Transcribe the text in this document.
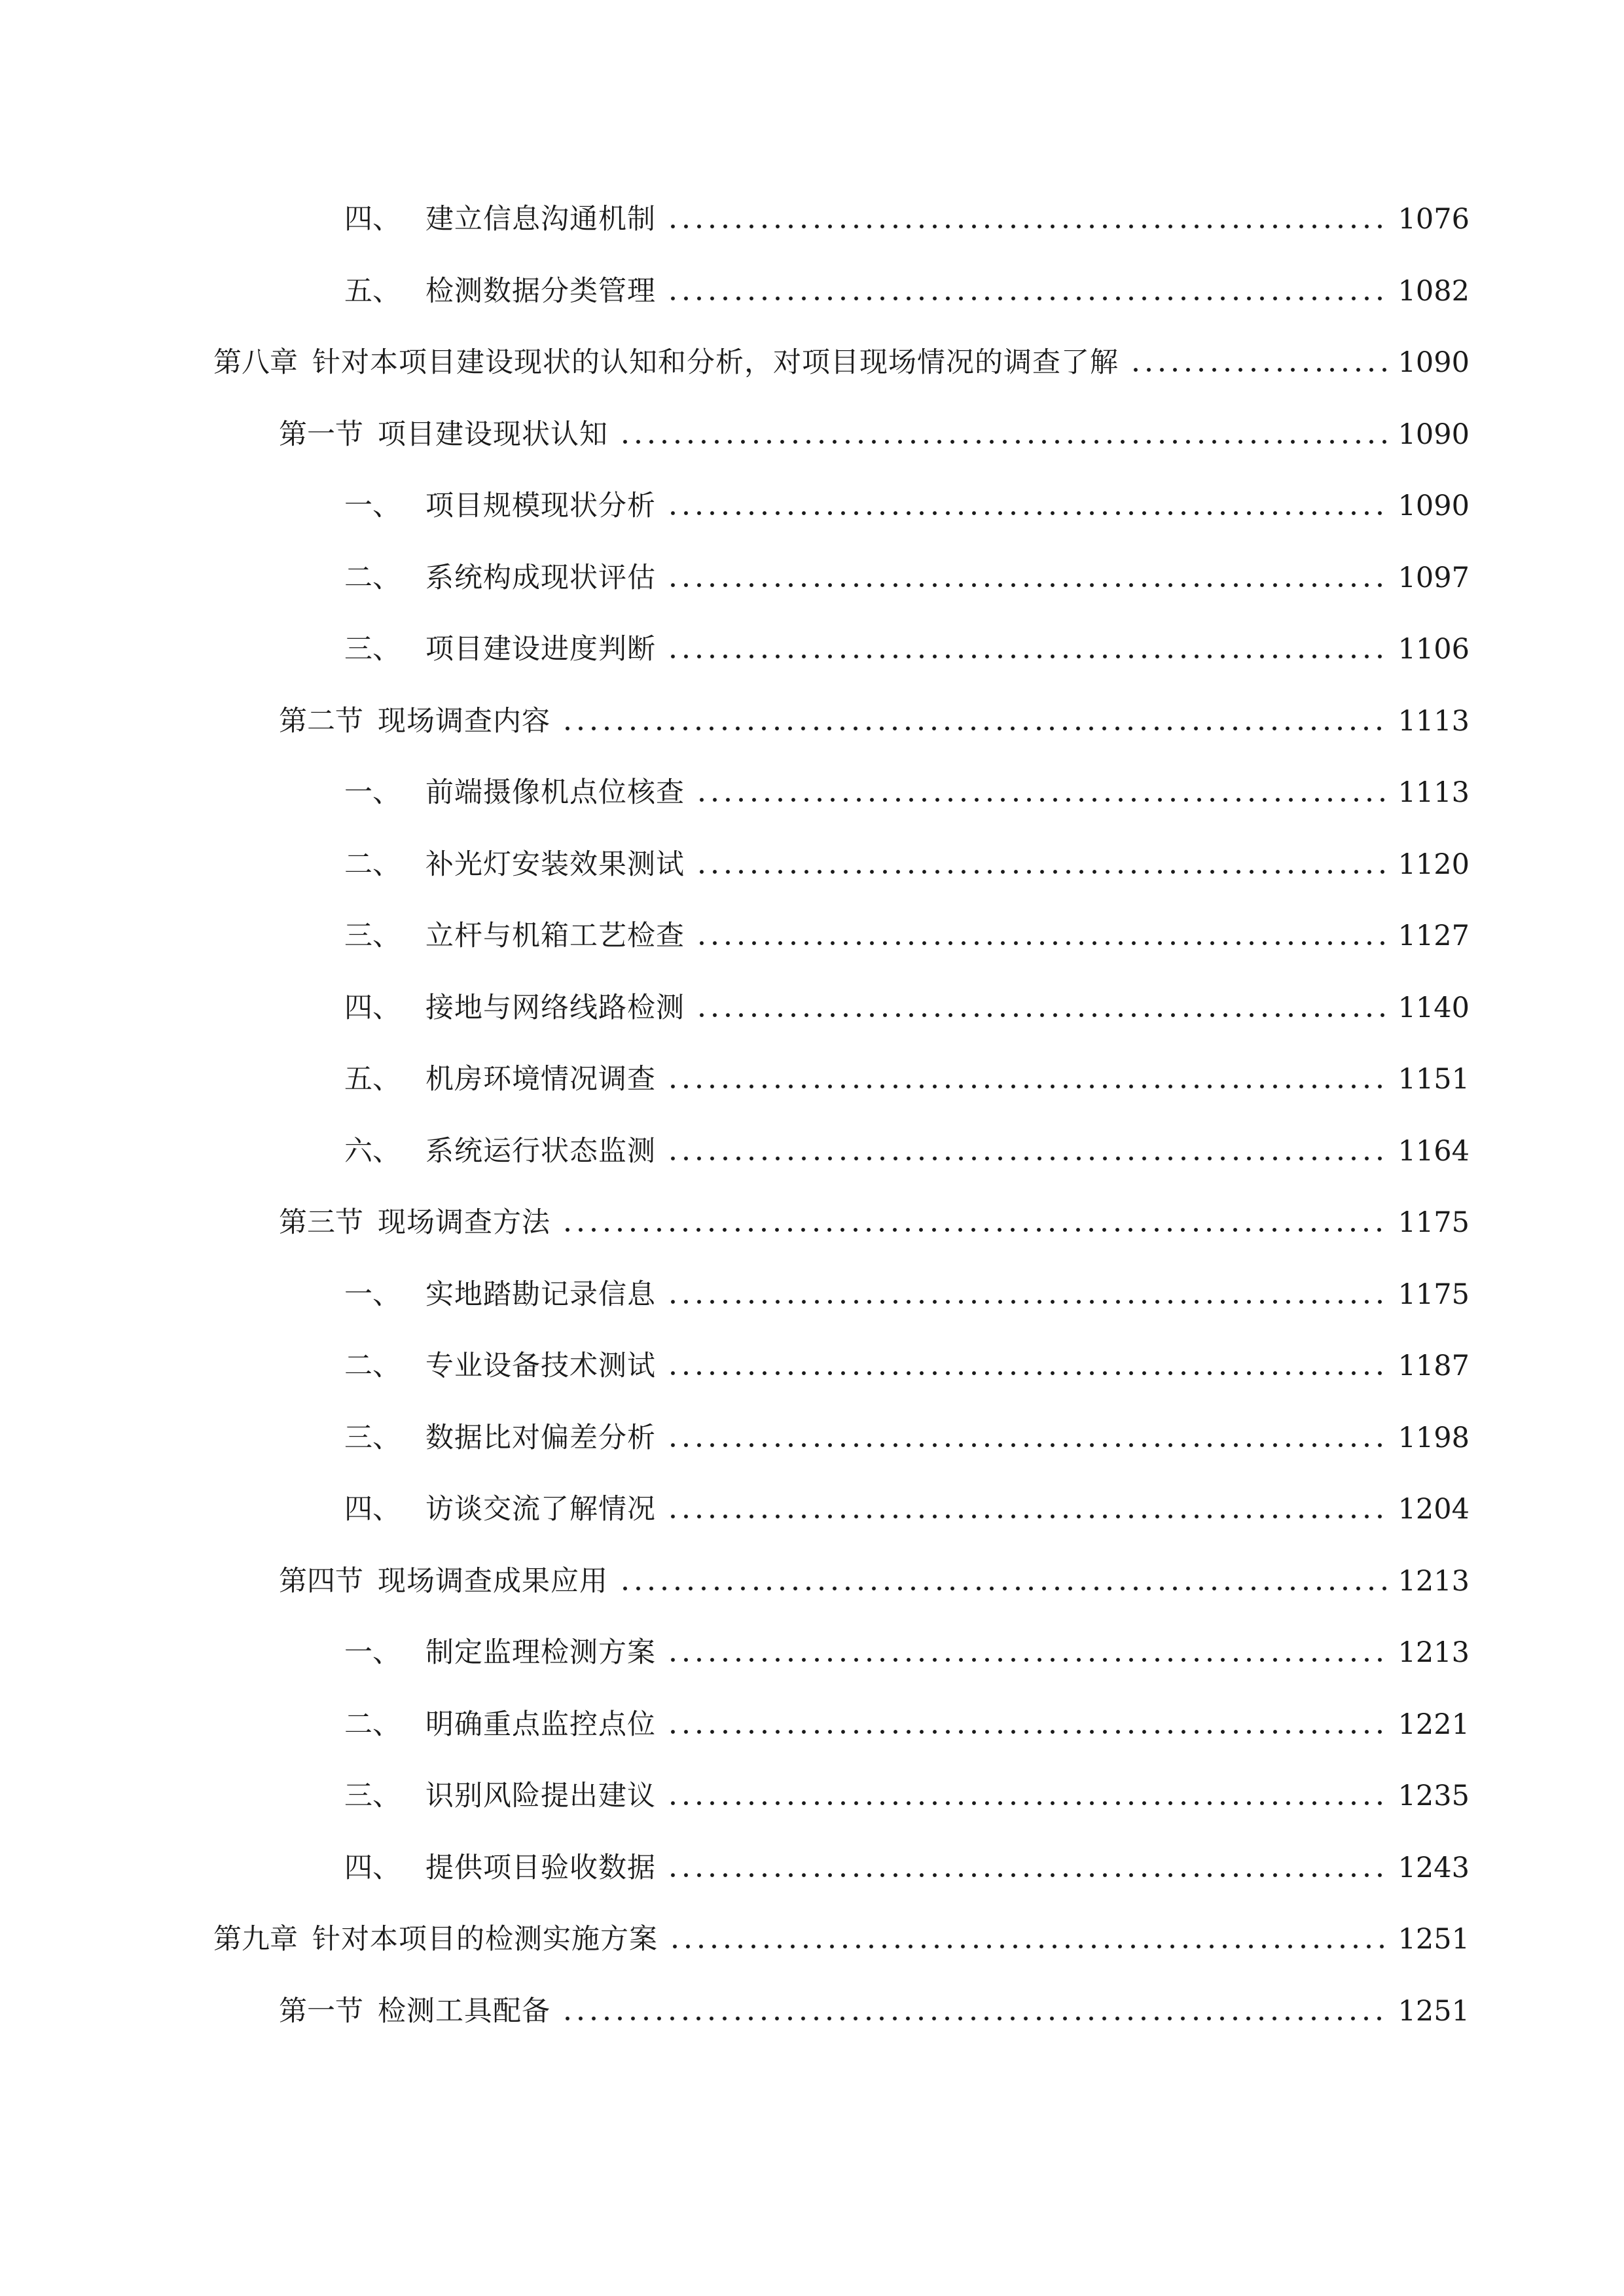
四、 建立信息沟通机制	1076
五、 检测数据分类管理	1082
第八章 针对本项目建设现状的认知和分析，对项目现场情况的调查了解	1090
第一节 项目建设现状认知	1090
一、 项目规模现状分析	1090
二、 系统构成现状评估	1097
三、 项目建设进度判断	1106
第二节 现场调查内容	1113
一、 前端摄像机点位核查	1113
二、 补光灯安装效果测试	1120
三、 立杆与机箱工艺检查	1127
四、 接地与网络线路检测	1140
五、 机房环境情况调查	1151
六、 系统运行状态监测	1164
第三节 现场调查方法	1175
一、 实地踏勘记录信息	1175
二、 专业设备技术测试	1187
三、 数据比对偏差分析	1198
四、 访谈交流了解情况	1204
第四节 现场调查成果应用	1213
一、 制定监理检测方案	1213
二、 明确重点监控点位	1221
三、 识别风险提出建议	1235
四、 提供项目验收数据	1243
第九章 针对本项目的检测实施方案	1251
第一节 检测工具配备	1251
